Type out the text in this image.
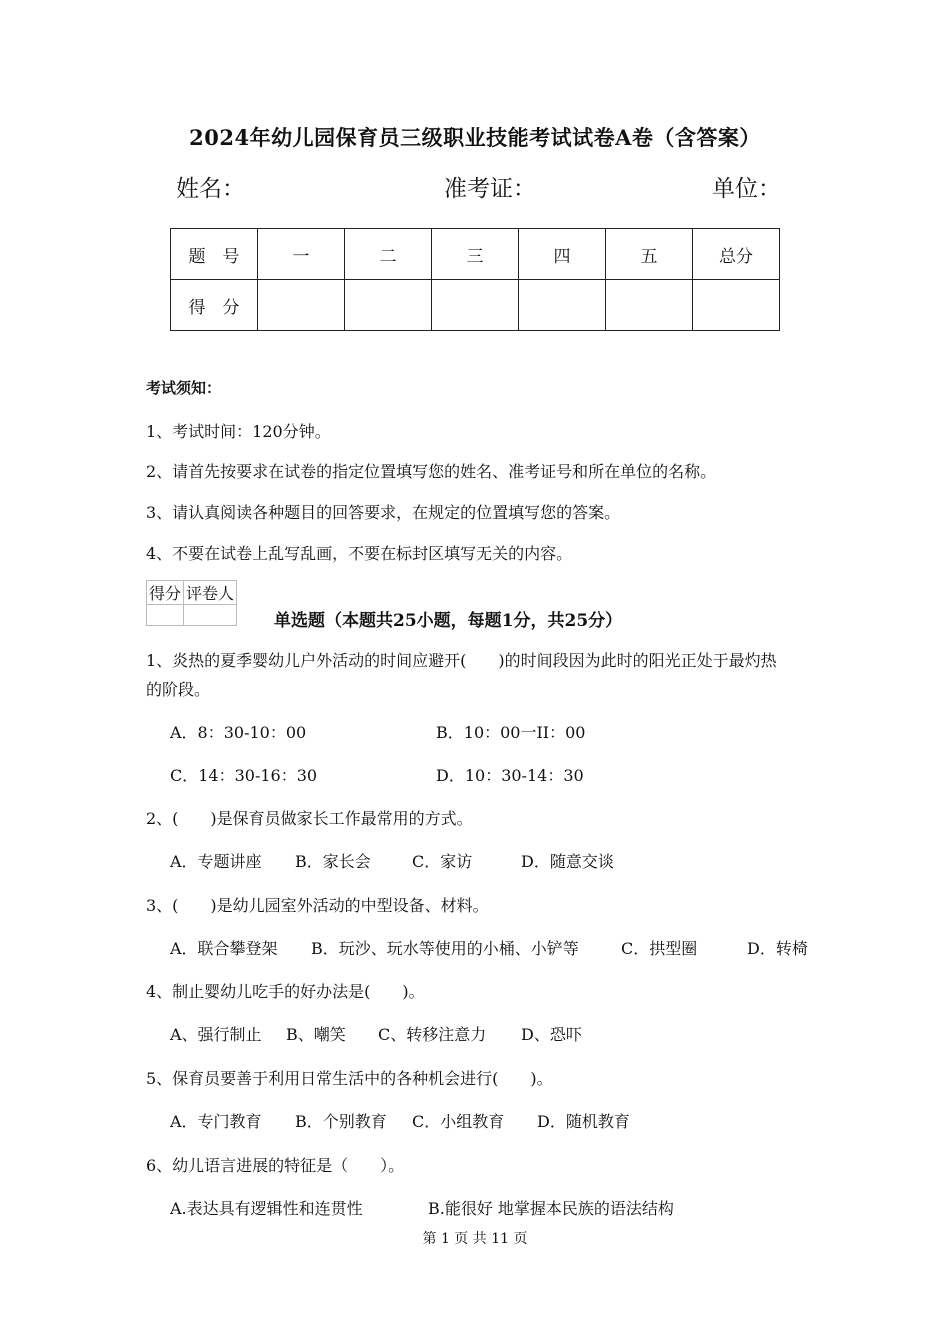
2024年幼儿园保育员三级职业技能考试试卷A卷（含答案）
姓名：	准考证：	单位：
题　号	一	二	三	四	五	总分
得　分						
考试须知：
1、考试时间：120分钟。
2、请首先按要求在试卷的指定位置填写您的姓名、准考证号和所在单位的名称。
3、请认真阅读各种题目的回答要求，在规定的位置填写您的答案。
4、不要在试卷上乱写乱画，不要在标封区填写无关的内容。
得分	评卷人

单选题（本题共25小题，每题1分，共25分）
1、炎热的夏季婴幼儿户外活动的时间应避开(　　)的时间段因为此时的阳光正处于最灼热
的阶段。
A．8：30-10：00	B．10：00一II：00
C．14：30-16：30	D．10：30-14：30
2、(　　)是保育员做家长工作最常用的方式。
A．专题讲座 B．家长会	C．家访	D．随意交谈
3、(　　)是幼儿园室外活动的中型设备、材料。
A．联合攀登架 B．玩沙、玩水等使用的小桶、小铲等	C．拱型圈	D．转椅
4、制止婴幼儿吃手的好办法是(　　)。
A、强行制止 B、嘲笑 C、转移注意力 D、恐吓
5、保育员要善于利用日常生活中的各种机会进行(　　)。
A．专门教育 B．个别教育 C．小组教育 D．随机教育
6、幼儿语言进展的特征是（　　）。
A.表达具有逻辑性和连贯性	B.能很好 地掌握本民族的语法结构
第 1 页 共 11 页
